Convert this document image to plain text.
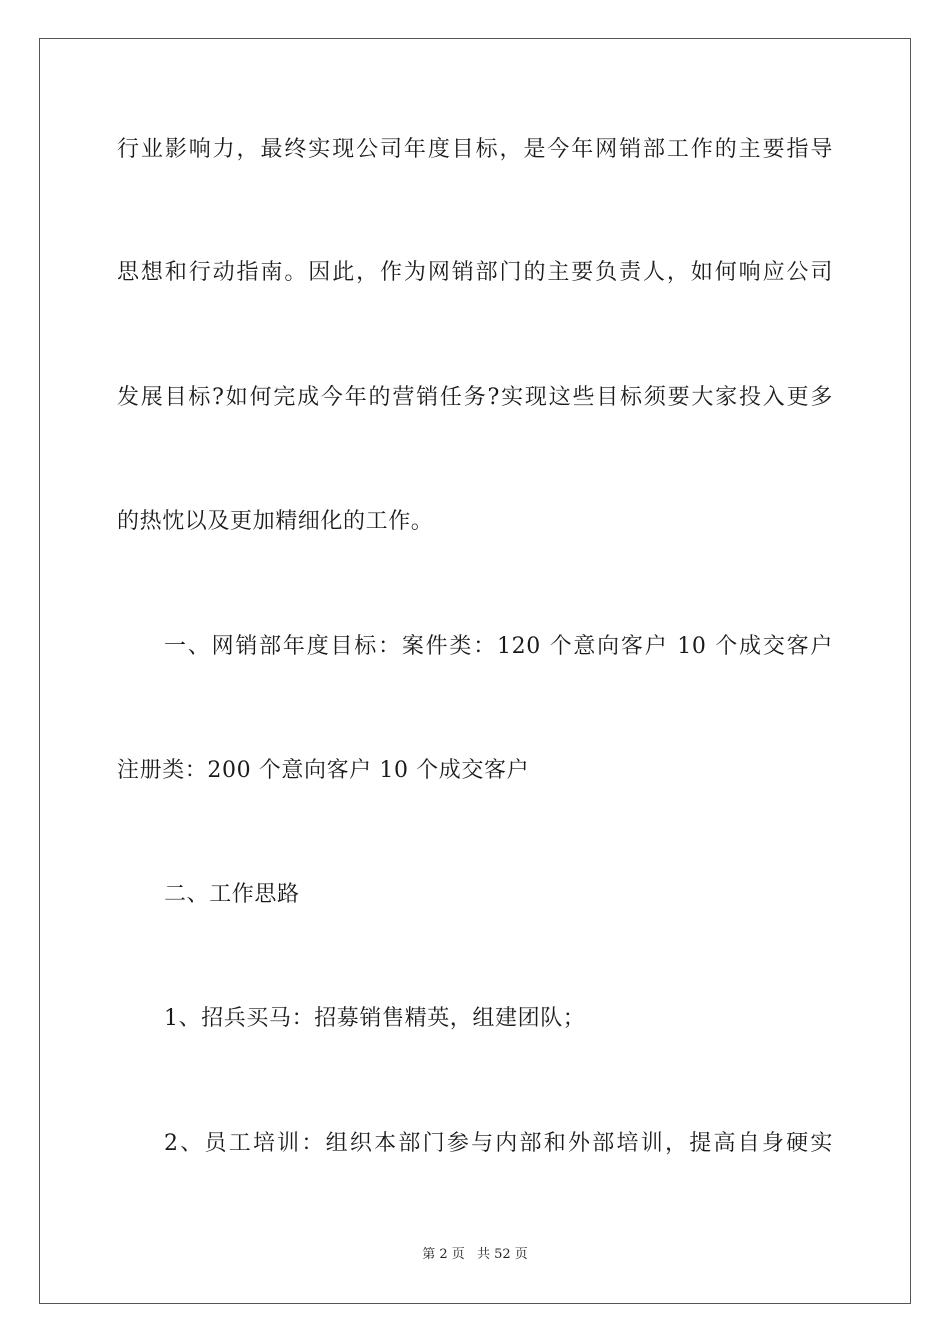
行业影响力，最终实现公司年度目标，是今年网销部工作的主要指导
思想和行动指南。因此，作为网销部门的主要负责人，如何响应公司
发展目标?如何完成今年的营销任务?实现这些目标须要大家投入更多
的热忱以及更加精细化的工作。
一、网销部年度目标：案件类：120 个意向客户 10 个成交客户
注册类：200 个意向客户 10 个成交客户
二、工作思路
1、招兵买马：招募销售精英，组建团队；
2、员工培训：组织本部门参与内部和外部培训，提高自身硬实
第 2 页 共 52 页
